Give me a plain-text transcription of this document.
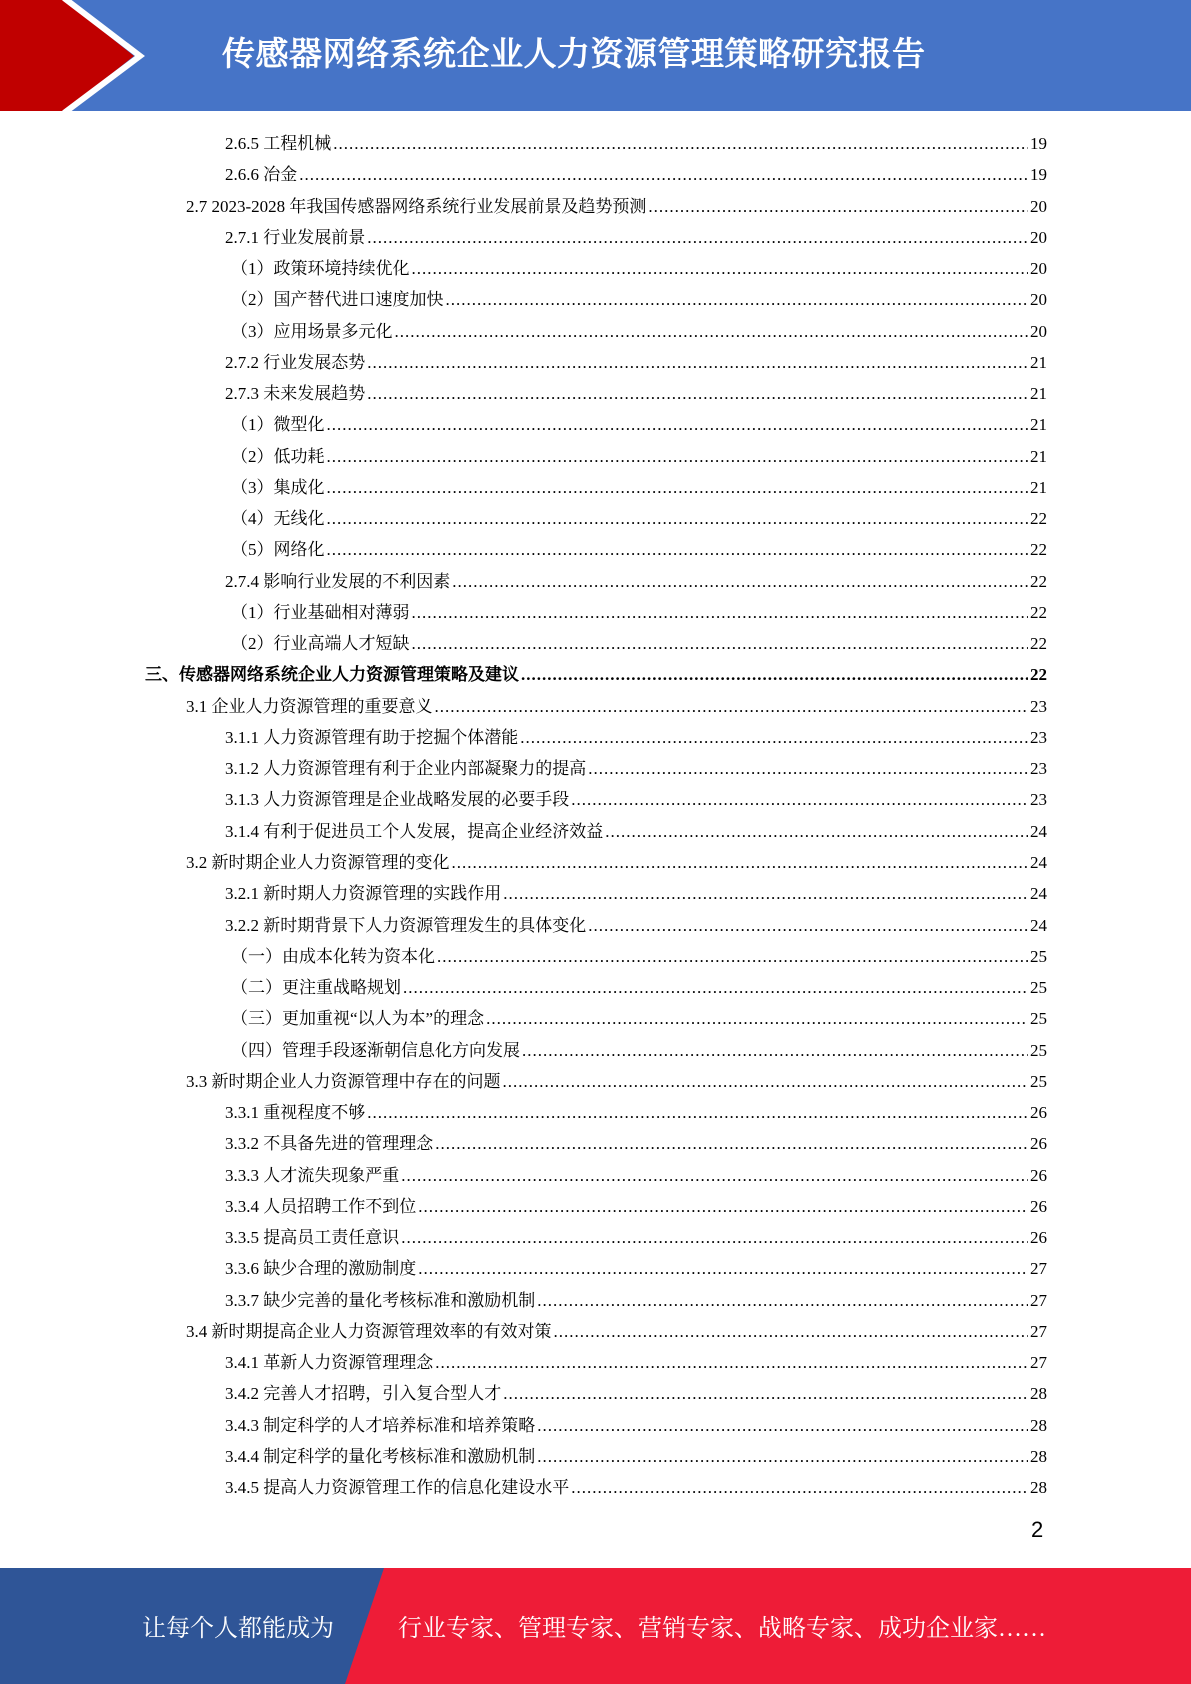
传感器网络系统企业人力资源管理策略研究报告
2.6.5 工程机械 .....	19
2.6.6 冶金 .....	19
2.7 2023-2028 年我国传感器网络系统行业发展前景及趋势预测 .....	20
2.7.1 行业发展前景 .....	20
（1）政策环境持续优化 .....	20
（2）国产替代进口速度加快 .....	20
（3）应用场景多元化 .....	20
2.7.2 行业发展态势 .....	21
2.7.3 未来发展趋势 .....	21
（1）微型化 .....	21
（2）低功耗 .....	21
（3）集成化 .....	21
（4）无线化 .....	22
（5）网络化 .....	22
2.7.4 影响行业发展的不利因素 .....	22
（1）行业基础相对薄弱 .....	22
（2）行业高端人才短缺 .....	22
三、传感器网络系统企业人力资源管理策略及建议 .....	22
3.1 企业人力资源管理的重要意义 .....	23
3.1.1 人力资源管理有助于挖掘个体潜能 .....	23
3.1.2 人力资源管理有利于企业内部凝聚力的提高 .....	23
3.1.3 人力资源管理是企业战略发展的必要手段 .....	23
3.1.4 有利于促进员工个人发展，提高企业经济效益 .....	24
3.2 新时期企业人力资源管理的变化 .....	24
3.2.1 新时期人力资源管理的实践作用 .....	24
3.2.2 新时期背景下人力资源管理发生的具体变化 .....	24
（一）由成本化转为资本化 .....	25
（二）更注重战略规划 .....	25
（三）更加重视“以人为本”的理念 .....	25
（四）管理手段逐渐朝信息化方向发展 .....	25
3.3 新时期企业人力资源管理中存在的问题 .....	25
3.3.1 重视程度不够 .....	26
3.3.2 不具备先进的管理理念 .....	26
3.3.3 人才流失现象严重 .....	26
3.3.4 人员招聘工作不到位 .....	26
3.3.5 提高员工责任意识 .....	26
3.3.6 缺少合理的激励制度 .....	27
3.3.7 缺少完善的量化考核标准和激励机制 .....	27
3.4 新时期提高企业人力资源管理效率的有效对策 .....	27
3.4.1 革新人力资源管理理念 .....	27
3.4.2 完善人才招聘，引入复合型人才 .....	28
3.4.3 制定科学的人才培养标准和培养策略 .....	28
3.4.4 制定科学的量化考核标准和激励机制 .....	28
3.4.5 提高人力资源管理工作的信息化建设水平 .....	28
2
让每个人都能成为	行业专家、管理专家、营销专家、战略专家、成功企业家……
